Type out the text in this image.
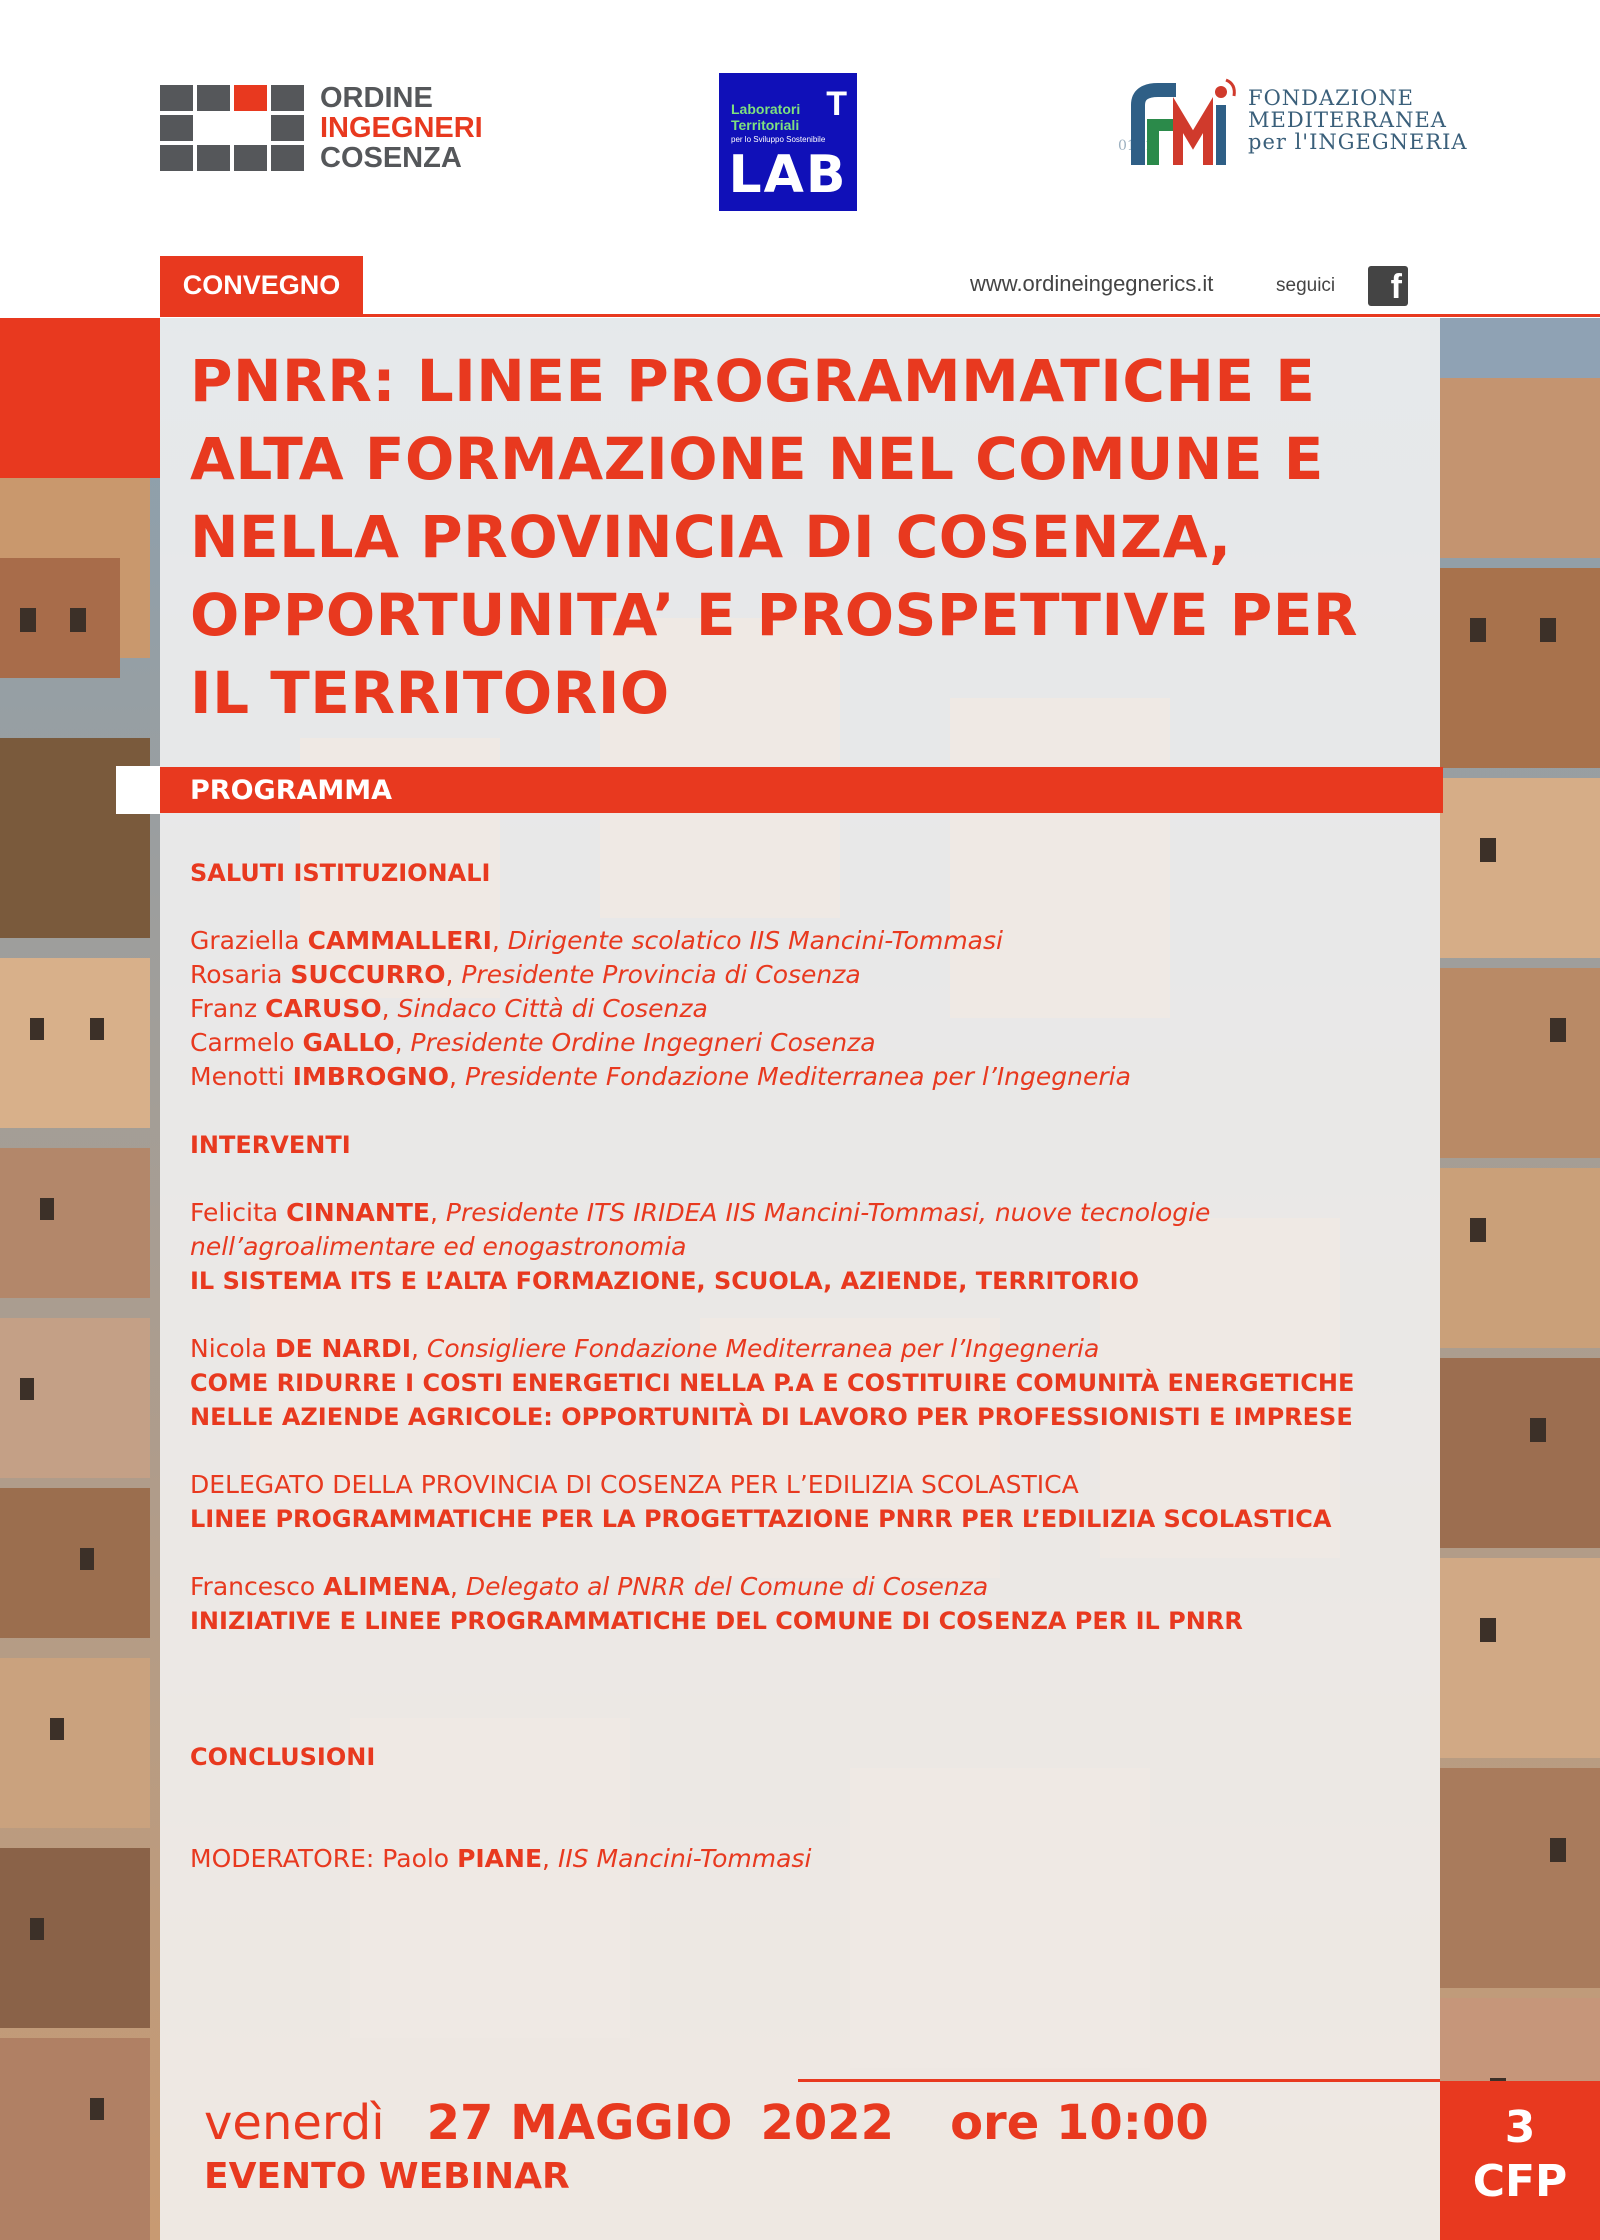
ORDINE
INGEGNERI
COSENZA
Laboratori
Territoriali
T
per lo Sviluppo Sostenibile
LAB	0101
FONDAZIONE
MEDITERRANEA
per l'INGEGNERIA
CONVEGNO	www.ordineingegnerics.it	seguici	f
PNRR: LINEE PROGRAMMATICHE E
ALTA FORMAZIONE NEL COMUNE E
NELLA PROVINCIA DI COSENZA,
OPPORTUNITA’ E PROSPETTIVE PER
IL TERRITORIO
PROGRAMMA
SALUTI ISTITUZIONALI
Graziella CAMMALLERI, Dirigente scolatico IIS Mancini-Tommasi
Rosaria SUCCURRO, Presidente Provincia di Cosenza
Franz CARUSO, Sindaco Città di Cosenza
Carmelo GALLO, Presidente Ordine Ingegneri Cosenza
Menotti IMBROGNO, Presidente Fondazione Mediterranea per l’Ingegneria
INTERVENTI
Felicita CINNANTE, Presidente ITS IRIDEA IIS Mancini-Tommasi, nuove tecnologie
nell’agroalimentare ed enogastronomia
IL SISTEMA ITS E L’ALTA FORMAZIONE, SCUOLA, AZIENDE, TERRITORIO
Nicola DE NARDI, Consigliere Fondazione Mediterranea per l’Ingegneria
COME RIDURRE I COSTI ENERGETICI NELLA P.A E COSTITUIRE COMUNITÀ ENERGETICHE
NELLE AZIENDE AGRICOLE: OPPORTUNITÀ DI LAVORO PER PROFESSIONISTI E IMPRESE
DELEGATO DELLA PROVINCIA DI COSENZA PER L’EDILIZIA SCOLASTICA
LINEE PROGRAMMATICHE PER LA PROGETTAZIONE PNRR PER L’EDILIZIA SCOLASTICA
Francesco ALIMENA, Delegato al PNRR del Comune di Cosenza
INIZIATIVE E LINEE PROGRAMMATICHE DEL COMUNE DI COSENZA PER IL PNRR
CONCLUSIONI
MODERATORE: Paolo PIANE, IIS Mancini-Tommasi
venerdì 27 MAGGIO 2022 ore 10:00
EVENTO WEBINAR
3
CFP
